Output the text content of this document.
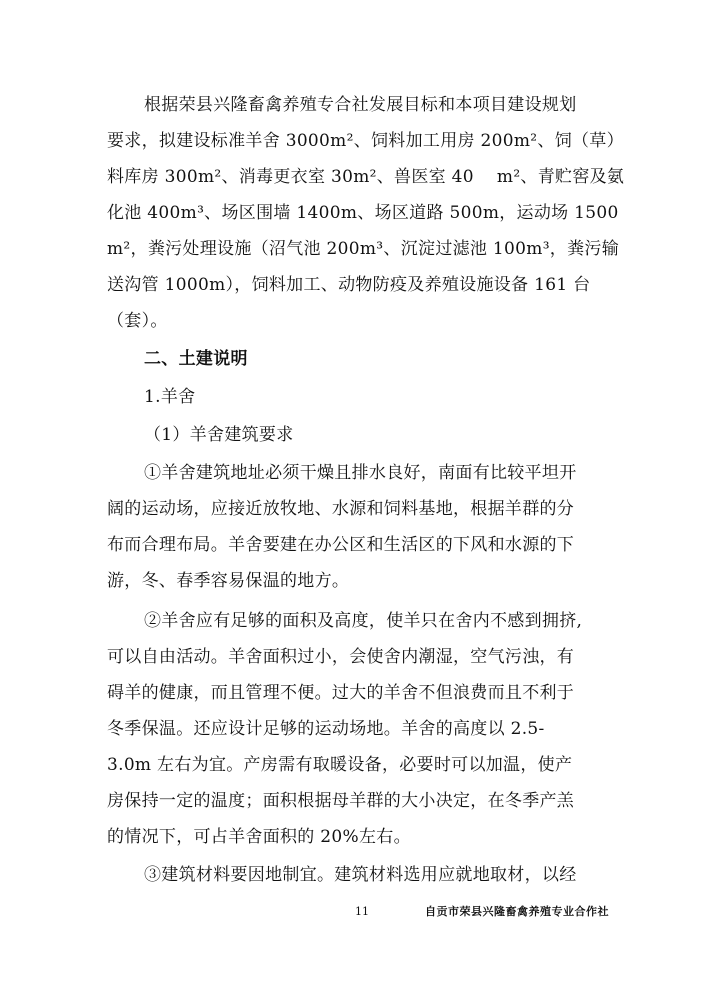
根据荣县兴隆畜禽养殖专合社发展目标和本项目建设规划
要求，拟建设标准羊舍 3000m²、饲料加工用房 200m²、饲（草）
料库房 300m²、消毒更衣室 30m²、兽医室 40　 m²、青贮窖及氨
化池 400m³、场区围墙 1400m、场区道路 500m，运动场 1500
m²，粪污处理设施（沼气池 200m³、沉淀过滤池 100m³，粪污输
送沟管 1000m），饲料加工、动物防疫及养殖设施设备 161 台
（套）。
二、土建说明
1.羊舍
（1）羊舍建筑要求
①羊舍建筑地址必须干燥且排水良好，南面有比较平坦开
阔的运动场，应接近放牧地、水源和饲料基地，根据羊群的分
布而合理布局。羊舍要建在办公区和生活区的下风和水源的下
游，冬、春季容易保温的地方。
②羊舍应有足够的面积及高度，使羊只在舍内不感到拥挤,
可以自由活动。羊舍面积过小，会使舍内潮湿，空气污浊，有
碍羊的健康，而且管理不便。过大的羊舍不但浪费而且不利于
冬季保温。还应设计足够的运动场地。羊舍的高度以 2.5-
3.0m 左右为宜。产房需有取暖设备，必要时可以加温，使产
房保持一定的温度；面积根据母羊群的大小决定，在冬季产羔
的情况下，可占羊舍面积的 20%左右。
③建筑材料要因地制宜。建筑材料选用应就地取材，以经
11	自贡市荣县兴隆畜禽养殖专业合作社
